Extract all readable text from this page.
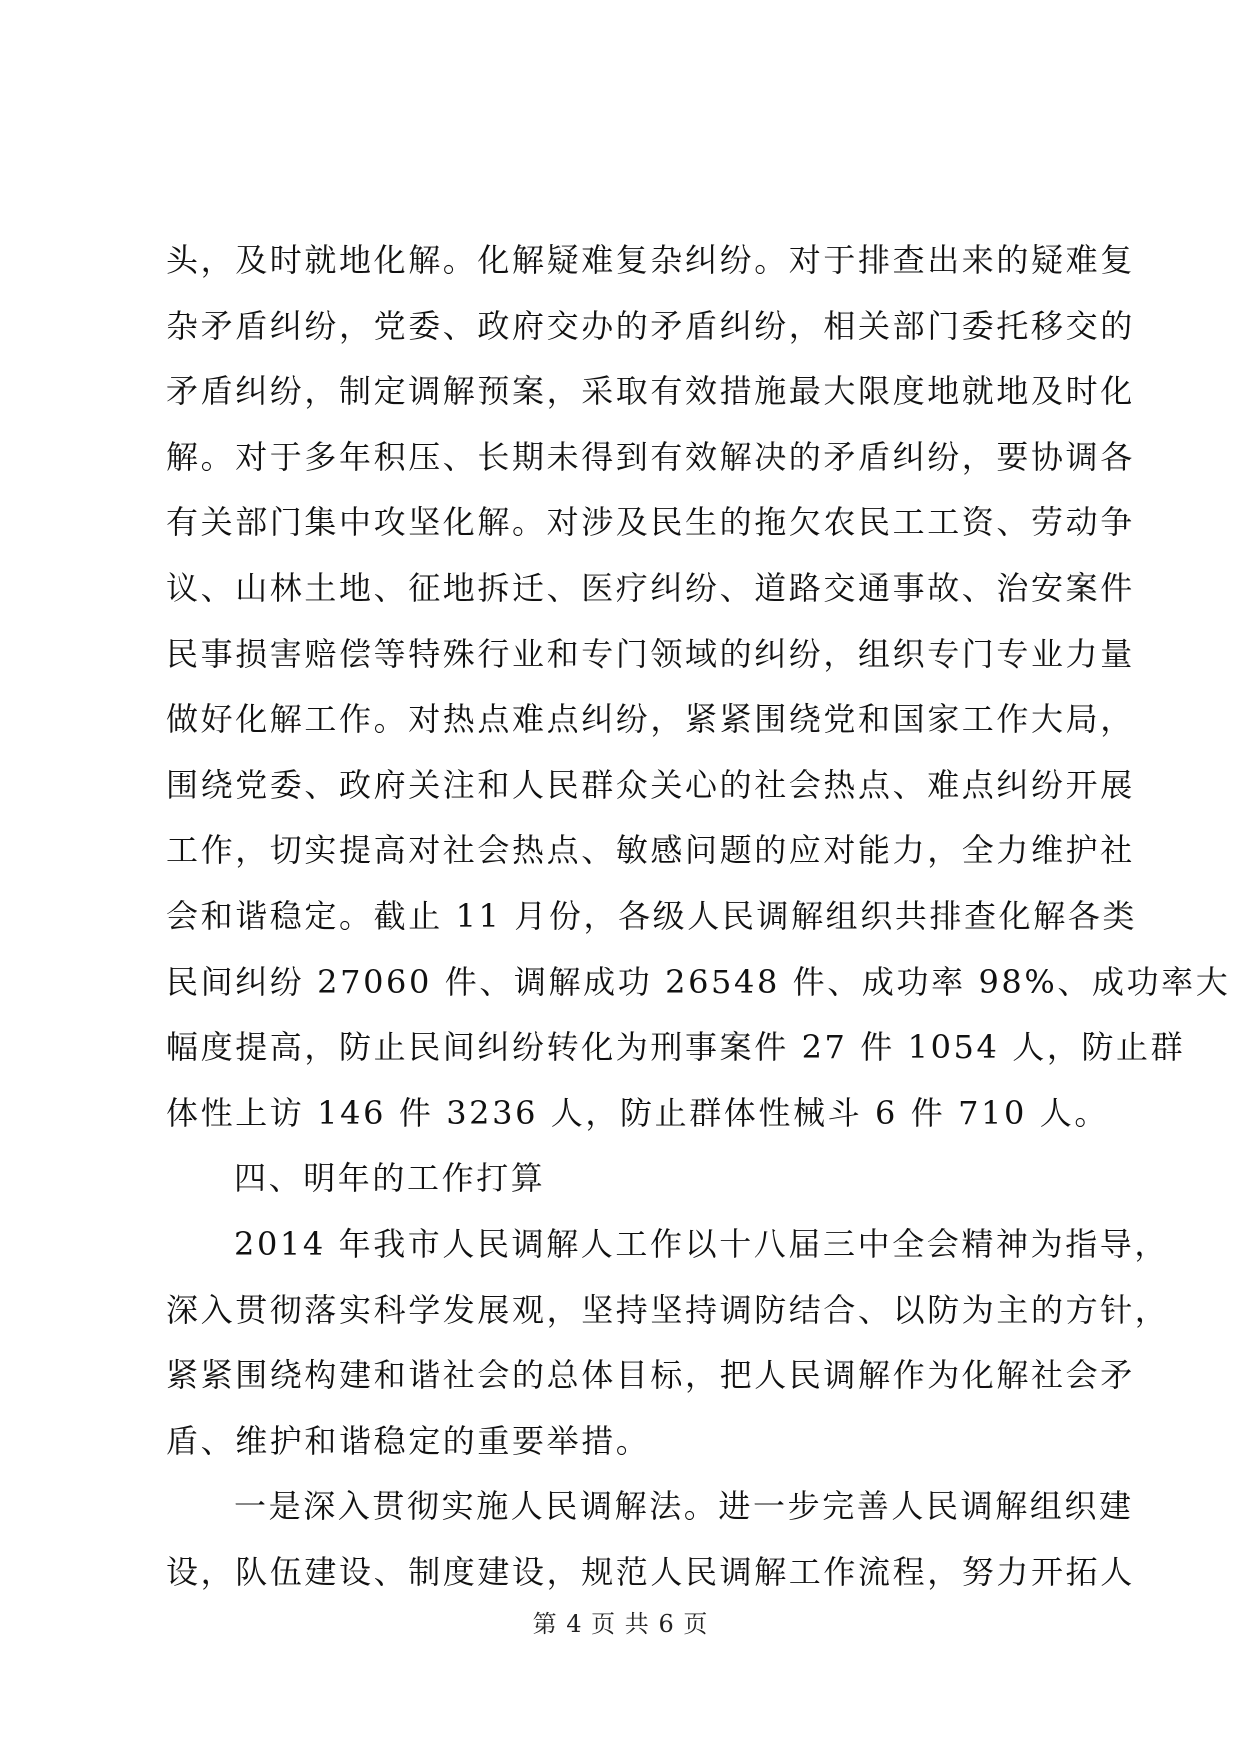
头，及时就地化解。化解疑难复杂纠纷。对于排查出来的疑难复
杂矛盾纠纷，党委、政府交办的矛盾纠纷，相关部门委托移交的
矛盾纠纷，制定调解预案，采取有效措施最大限度地就地及时化
解。对于多年积压、长期未得到有效解决的矛盾纠纷，要协调各
有关部门集中攻坚化解。对涉及民生的拖欠农民工工资、劳动争
议、山林土地、征地拆迁、医疗纠纷、道路交通事故、治安案件
民事损害赔偿等特殊行业和专门领域的纠纷，组织专门专业力量
做好化解工作。对热点难点纠纷，紧紧围绕党和国家工作大局，
围绕党委、政府关注和人民群众关心的社会热点、难点纠纷开展
工作，切实提高对社会热点、敏感问题的应对能力，全力维护社
会和谐稳定。截止 11 月份，各级人民调解组织共排查化解各类
民间纠纷 27060 件、调解成功 26548 件、成功率 98%、成功率大
幅度提高，防止民间纠纷转化为刑事案件 27 件 1054 人，防止群
体性上访 146 件 3236 人，防止群体性械斗 6 件 710 人。

四、明年的工作打算

2014 年我市人民调解人工作以十八届三中全会精神为指导，
深入贯彻落实科学发展观，坚持坚持调防结合、以防为主的方针，
紧紧围绕构建和谐社会的总体目标，把人民调解作为化解社会矛
盾、维护和谐稳定的重要举措。

一是深入贯彻实施人民调解法。进一步完善人民调解组织建
设，队伍建设、制度建设，规范人民调解工作流程，努力开拓人

第 4 页 共 6 页
